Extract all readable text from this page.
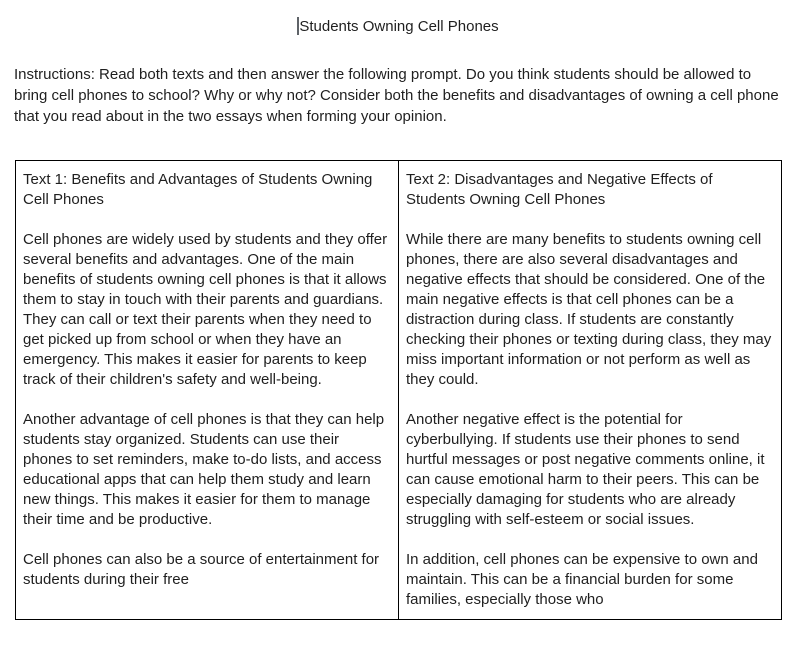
Students Owning Cell Phones
Instructions: Read both texts and then answer the following prompt. Do you think students should be allowed to bring cell phones to school? Why or why not? Consider both the benefits and disadvantages of owning a cell phone that you read about in the two essays when forming your opinion.

Text 1: Benefits and Advantages of Students Owning Cell Phones

Cell phones are widely used by students and they offer several benefits and advantages. One of the main benefits of students owning cell phones is that it allows them to stay in touch with their parents and guardians. They can call or text their parents when they need to get picked up from school or when they have an emergency. This makes it easier for parents to keep track of their children's safety and well-being.

Another advantage of cell phones is that they can help students stay organized. Students can use their phones to set reminders, make to-do lists, and access educational apps that can help them study and learn new things. This makes it easier for them to manage their time and be productive.

Cell phones can also be a source of entertainment for students during their free

Text 2: Disadvantages and Negative Effects of Students Owning Cell Phones

While there are many benefits to students owning cell phones, there are also several disadvantages and negative effects that should be considered. One of the main negative effects is that cell phones can be a distraction during class. If students are constantly checking their phones or texting during class, they may miss important information or not perform as well as they could.

Another negative effect is the potential for cyberbullying. If students use their phones to send hurtful messages or post negative comments online, it can cause emotional harm to their peers. This can be especially damaging for students who are already struggling with self-esteem or social issues.

In addition, cell phones can be expensive to own and maintain. This can be a financial burden for some families, especially those who
